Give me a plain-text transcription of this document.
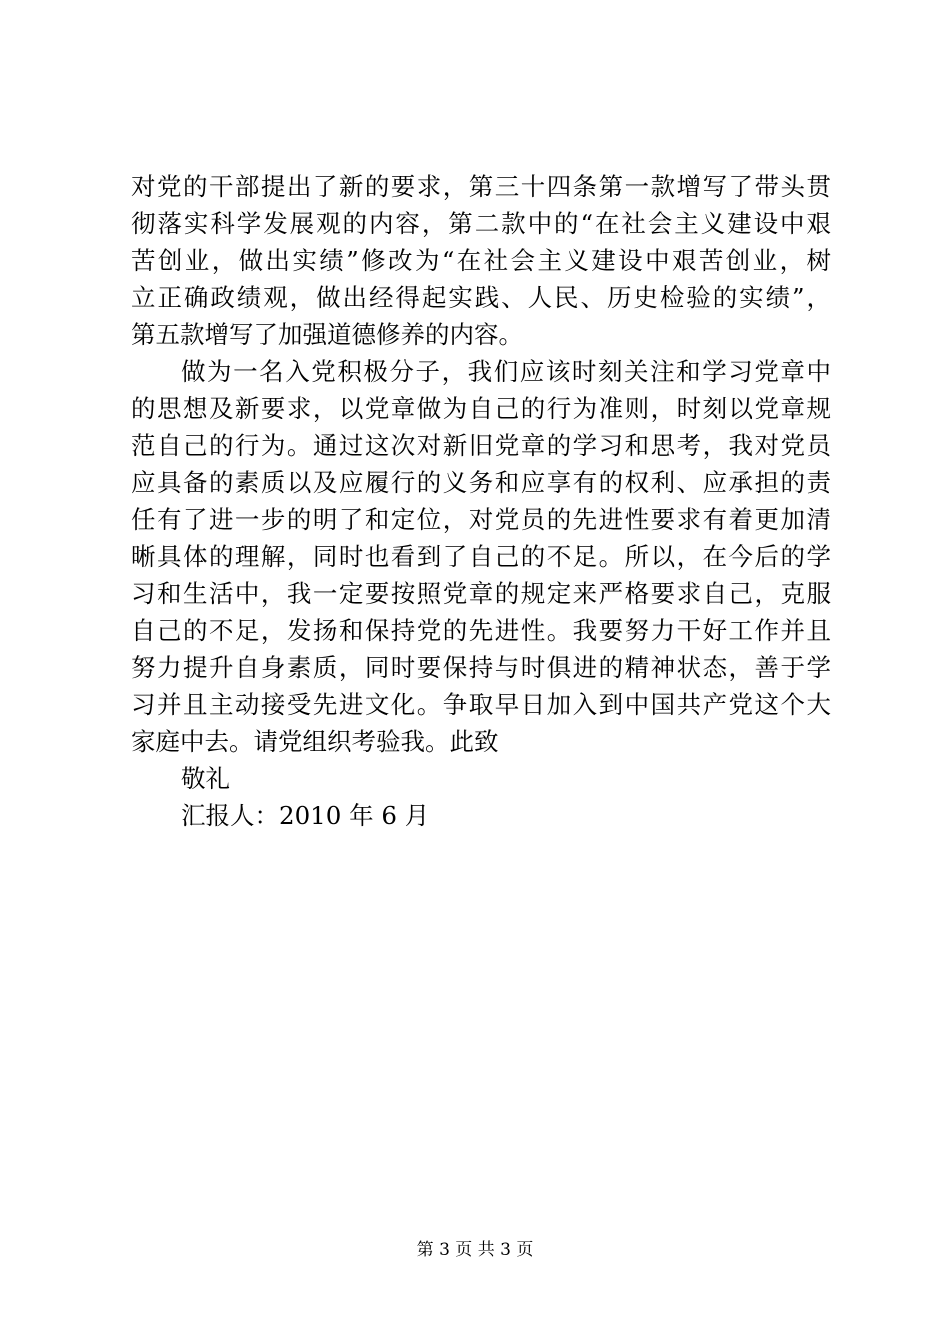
对党的干部提出了新的要求，第三十四条第一款增写了带头贯
彻落实科学发展观的内容，第二款中的“在社会主义建设中艰
苦创业，做出实绩”修改为“在社会主义建设中艰苦创业，树
立正确政绩观，做出经得起实践、人民、历史检验的实绩”，
第五款增写了加强道德修养的内容。
做为一名入党积极分子，我们应该时刻关注和学习党章中
的思想及新要求，以党章做为自己的行为准则，时刻以党章规
范自己的行为。通过这次对新旧党章的学习和思考，我对党员
应具备的素质以及应履行的义务和应享有的权利、应承担的责
任有了进一步的明了和定位，对党员的先进性要求有着更加清
晰具体的理解，同时也看到了自己的不足。所以，在今后的学
习和生活中，我一定要按照党章的规定来严格要求自己，克服
自己的不足，发扬和保持党的先进性。我要努力干好工作并且
努力提升自身素质，同时要保持与时俱进的精神状态，善于学
习并且主动接受先进文化。争取早日加入到中国共产党这个大
家庭中去。请党组织考验我。此致
敬礼
汇报人：2010 年 6 月
第 3 页 共 3 页
